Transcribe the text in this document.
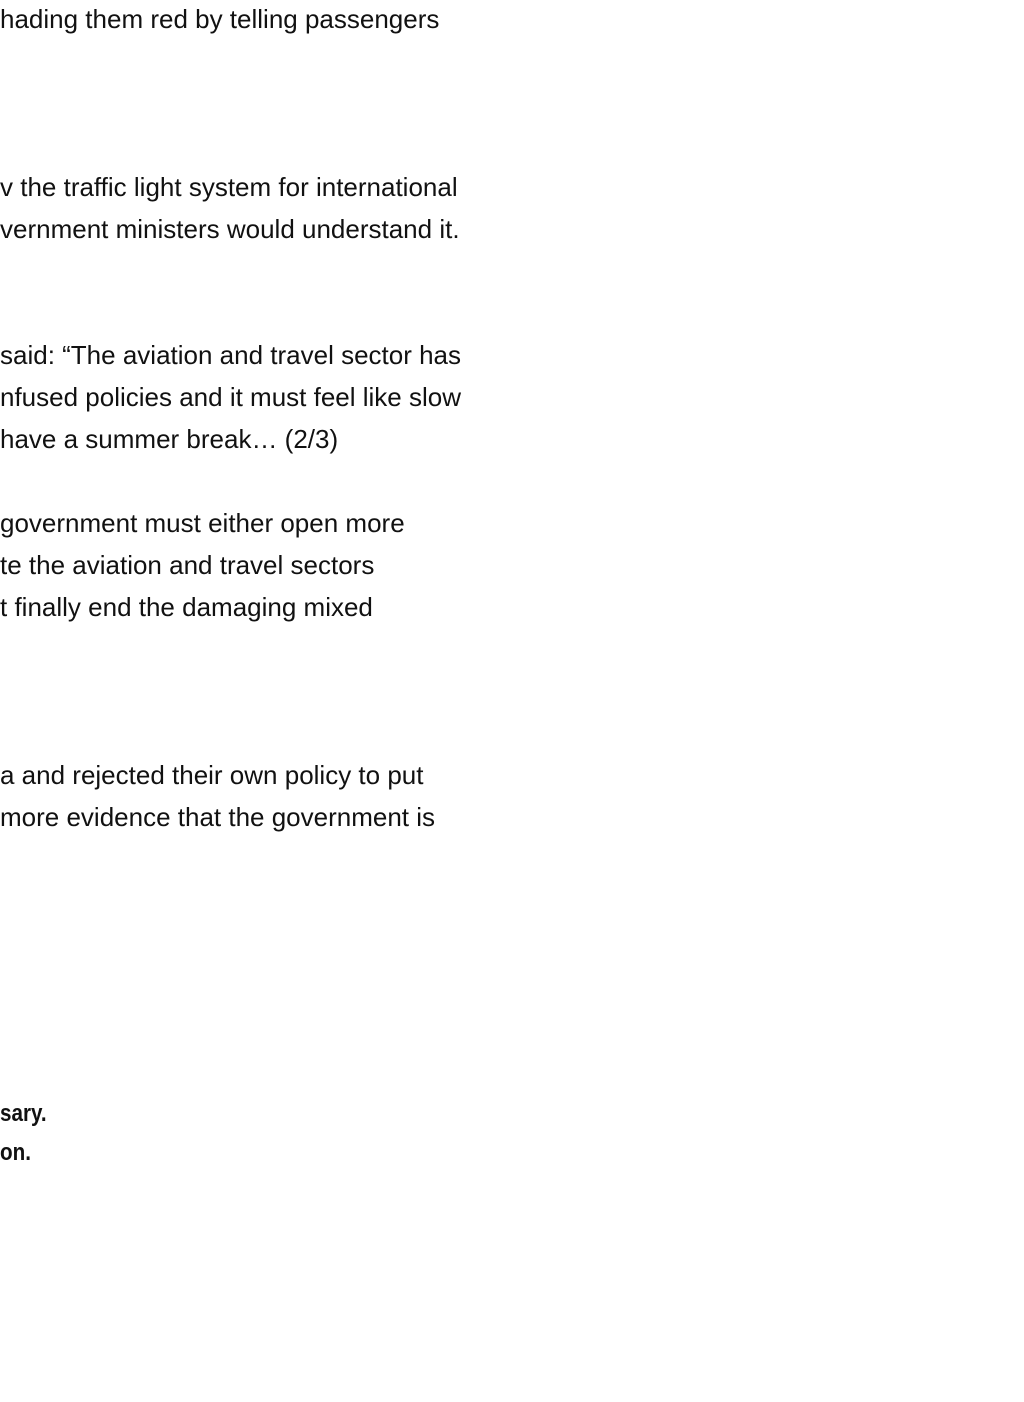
hading them red by telling passengers
v the traffic light system for international
vernment ministers would understand it.
said: “The aviation and travel sector has
nfused policies and it must feel like slow
have a summer break… (2/3)
government must either open more
te the aviation and travel sectors
t finally end the damaging mixed
a and rejected their own policy to put
more evidence that the government is
sary.
on.
